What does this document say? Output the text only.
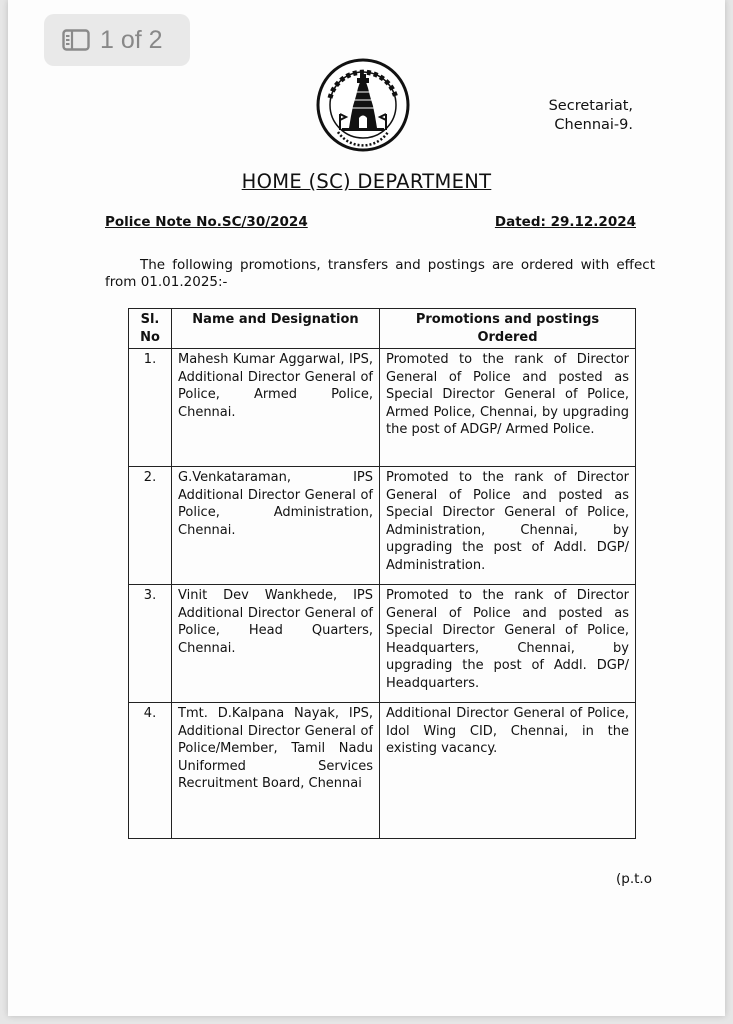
1 of 2
Secretariat,
Chennai-9.
HOME (SC) DEPARTMENT
Police Note No.SC/30/2024	Dated: 29.12.2024

The following promotions, transfers and postings are ordered with effect from 01.01.2025:-

Sl. No	Name and Designation	Promotions and postings Ordered
1.	Mahesh Kumar Aggarwal, IPS, Additional Director General of Police, Armed Police, Chennai.	Promoted to the rank of Director General of Police and posted as Special Director General of Police, Armed Police, Chennai, by upgrading the post of ADGP/ Armed Police.
2.	G.Venkataraman, IPS Additional Director General of Police, Administration, Chennai.	Promoted to the rank of Director General of Police and posted as Special Director General of Police, Administration, Chennai, by upgrading the post of Addl. DGP/ Administration.
3.	Vinit Dev Wankhede, IPS Additional Director General of Police, Head Quarters, Chennai.	Promoted to the rank of Director General of Police and posted as Special Director General of Police, Headquarters, Chennai, by upgrading the post of Addl. DGP/ Headquarters.
4.	Tmt. D.Kalpana Nayak, IPS, Additional Director General of Police/Member, Tamil Nadu Uniformed Services Recruitment Board, Chennai	Additional Director General of Police, Idol Wing CID, Chennai, in the existing vacancy.
(p.t.o
